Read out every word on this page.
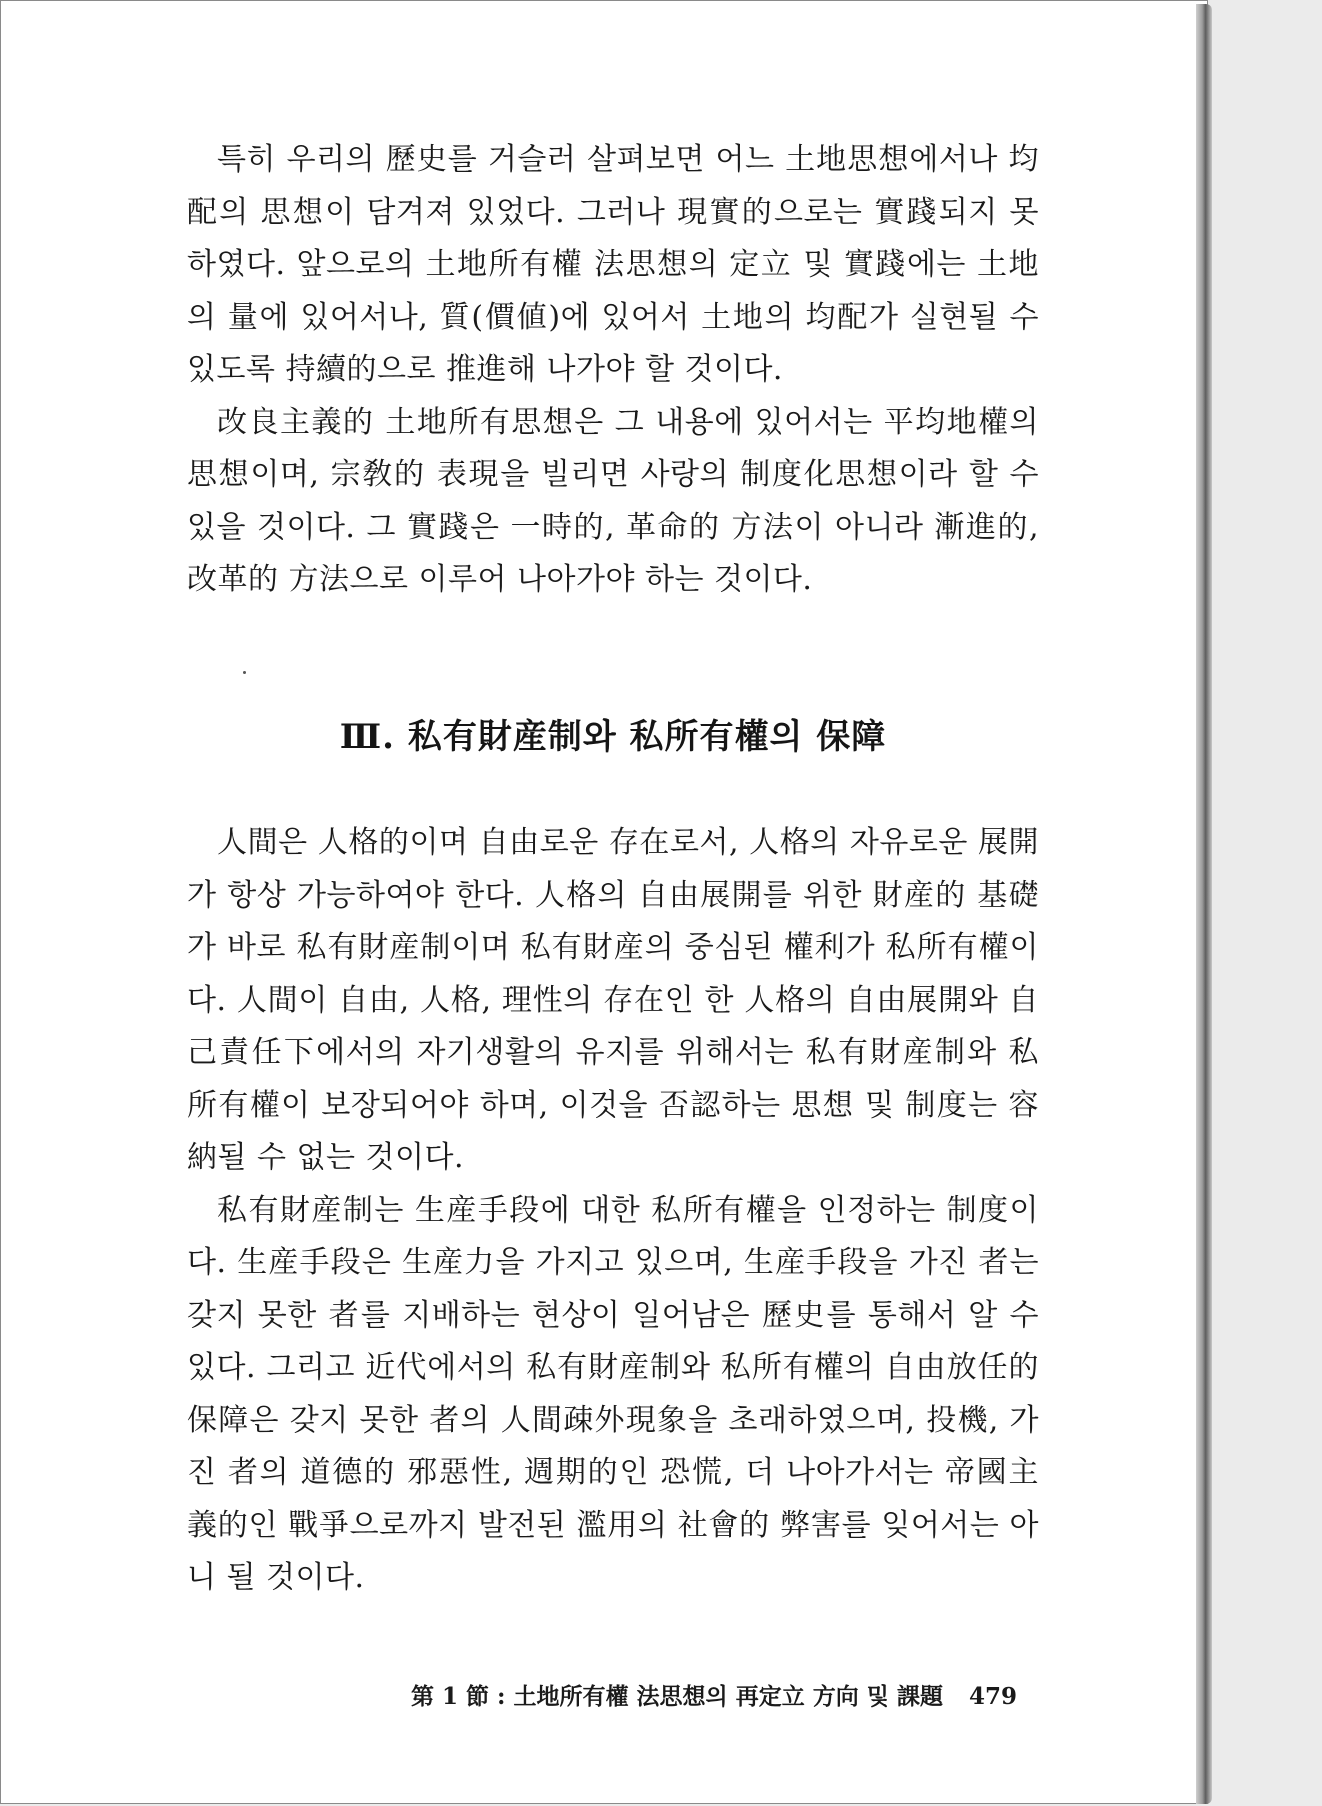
특히 우리의 歷史를 거슬러 살펴보면 어느 土地思想에서나 均配의 思想이 담겨져 있었다. 그러나 現實的으로는 實踐되지 못하였다. 앞으로의 土地所有權 法思想의 定立 및 實踐에는 土地의 量에 있어서나, 質(價値)에 있어서 土地의 均配가 실현될 수 있도록 持續的으로 推進해 나가야 할 것이다.

改良主義的 土地所有思想은 그 내용에 있어서는 平均地權의 思想이며, 宗敎的 表現을 빌리면 사랑의 制度化思想이라 할 수 있을 것이다. 그 實踐은 一時的, 革命的 方法이 아니라 漸進的, 改革的 方法으로 이루어 나아가야 하는 것이다.

Ⅲ. 私有財産制와 私所有權의 保障

人間은 人格的이며 自由로운 存在로서, 人格의 자유로운 展開가 항상 가능하여야 한다. 人格의 自由展開를 위한 財産的 基礎가 바로 私有財産制이며 私有財産의 중심된 權利가 私所有權이다. 人間이 自由, 人格, 理性의 存在인 한 人格의 自由展開와 自己責任下에서의 자기생활의 유지를 위해서는 私有財産制와 私所有權이 보장되어야 하며, 이것을 否認하는 思想 및 制度는 容納될 수 없는 것이다.

私有財産制는 生産手段에 대한 私所有權을 인정하는 制度이다. 生産手段은 生産力을 가지고 있으며, 生産手段을 가진 者는 갖지 못한 者를 지배하는 현상이 일어남은 歷史를 통해서 알 수 있다. 그리고 近代에서의 私有財産制와 私所有權의 自由放任的 保障은 갖지 못한 者의 人間疎外現象을 초래하였으며, 投機, 가진 者의 道德的 邪惡性, 週期的인 恐慌, 더 나아가서는 帝國主義的인 戰爭으로까지 발전된 濫用의 社會的 弊害를 잊어서는 아니 될 것이다.

第 1 節 : 土地所有權 法思想의 再定立 方向 및 課題 479
